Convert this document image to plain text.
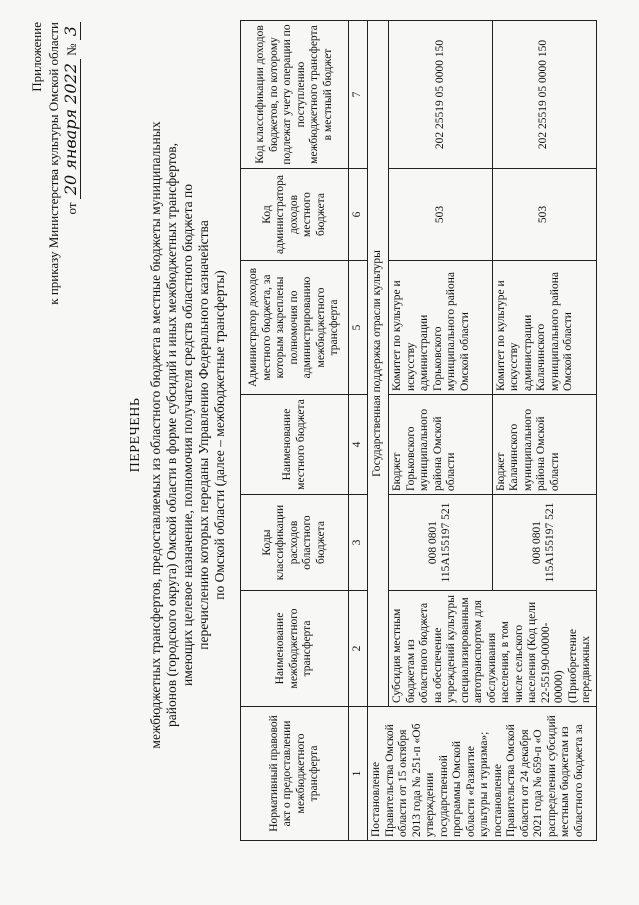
Приложение к приказу Министерства культуры Омской области от 20 января 2022 № 3
ПЕРЕЧЕНЬ межбюджетных трансфертов, предоставляемых из областного бюджета в местные бюджеты муниципальных районов (городского округа) Омской области в форме субсидий и иных межбюджетных трансфертов, имеющих целевое назначение, полномочия получателя средств областного бюджета по перечислению которых переданы Управлению Федерального казначейства по Омской области (далее – межбюджетные трансферты)
Нормативный правовой акт о предоставлении межбюджетного трансферта	Наименование межбюджетного трансферта	Коды классификации расходов областного бюджета	Наименование местного бюджета	Администратор доходов местного бюджета, за которым закреплены полномочия по администрированию межбюджетного трансферта	Код администратора доходов местного бюджета	Код классификации доходов бюджетов, по которому подлежат учету операции по поступлению межбюджетного трансферта в местный бюджет
1	2	3	4	5	6	7
Постановление Правительства Омской области от 15 октября 2013 года № 251-п «Об утверждении государственной программы Омской области «Развитие культуры и туризма»; постановление Правительства Омской области от 24 декабря 2021 года № 659-п «О распределении субсидий местным бюджетам из областного бюджета за	Государственная поддержка отрасли культуры					
	Субсидия местным бюджетам из областного бюджета на обеспечение учреждений культуры специализированным автотранспортом для обслуживания населения, в том числе сельского населения (Код цели 22-55190-00000-00000) (Приобретение передвижных	008 0801 115А155197 521	Бюджет Горьковского муниципального района Омской области	Комитет по культуре и искусству администрации Горьковского муниципального района Омской области	503	202 25519 05 0000 150
		008 0801 115А155197 521	Бюджет Калачинского муниципального района Омской области	Комитет по культуре и искусству администрации Калачинского муниципального района Омской области	503	202 25519 05 0000 150
